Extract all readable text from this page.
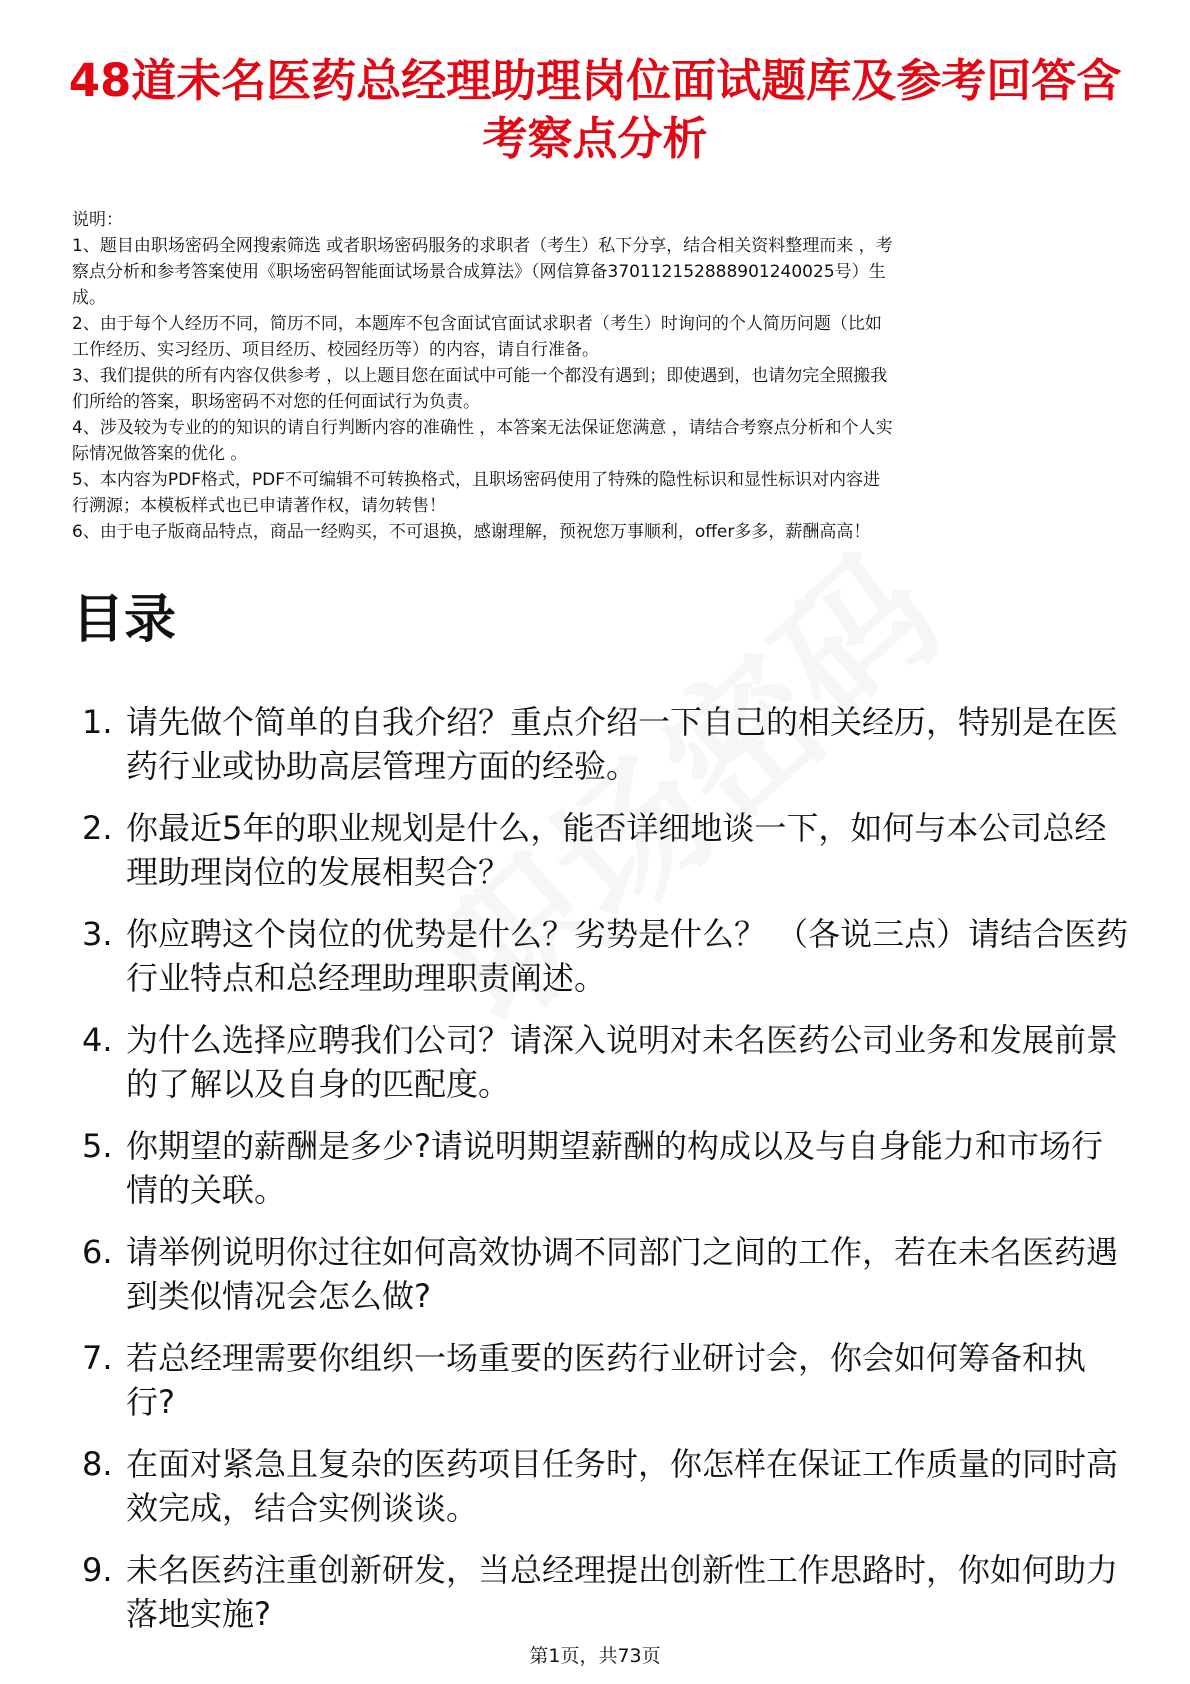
48道未名医药总经理助理岗位面试题库及参考回答含考察点分析

说明：

1、题目由职场密码全网搜索筛选 或者职场密码服务的求职者（考生）私下分享，结合相关资料整理而来 ，考

察点分析和参考答案使用《职场密码智能面试场景合成算法》（网信算备370112152888901240025号）生

成。

2、由于每个人经历不同，简历不同，本题库不包含面试官面试求职者（考生）时询问的个人简历问题（比如

工作经历、实习经历、项目经历、校园经历等）的内容，请自行准备。

3、我们提供的所有内容仅供参考 ，以上题目您在面试中可能一个都没有遇到；即使遇到，也请勿完全照搬我

们所给的答案，职场密码不对您的任何面试行为负责。

4、涉及较为专业的的知识的请自行判断内容的准确性 ，本答案无法保证您满意 ，请结合考察点分析和个人实

际情况做答案的优化 。

5、本内容为PDF格式，PDF不可编辑不可转换格式，且职场密码使用了特殊的隐性标识和显性标识对内容进

行溯源；本模板样式也已申请著作权，请勿转售！

6、由于电子版商品特点，商品一经购买，不可退换，感谢理解，预祝您万事顺利，offer多多，薪酬高高！

目录
1. 请先做个简单的自我介绍？重点介绍一下自己的相关经历，特别是在医药行业或协助高层管理方面的经验。
2. 你最近5年的职业规划是什么，能否详细地谈一下，如何与本公司总经理助理岗位的发展相契合？
3. 你应聘这个岗位的优势是什么？劣势是什么？ （各说三点）请结合医药行业特点和总经理助理职责阐述。
4. 为什么选择应聘我们公司？请深入说明对未名医药公司业务和发展前景的了解以及自身的匹配度。
5. 你期望的薪酬是多少?请说明期望薪酬的构成以及与自身能力和市场行情的关联。
6. 请举例说明你过往如何高效协调不同部门之间的工作，若在未名医药遇到类似情况会怎么做?
7. 若总经理需要你组织一场重要的医药行业研讨会，你会如何筹备和执行?
8. 在面对紧急且复杂的医药项目任务时，你怎样在保证工作质量的同时高效完成，结合实例谈谈。
9. 未名医药注重创新研发，当总经理提出创新性工作思路时，你如何助力落地实施?
第1页，共73页
